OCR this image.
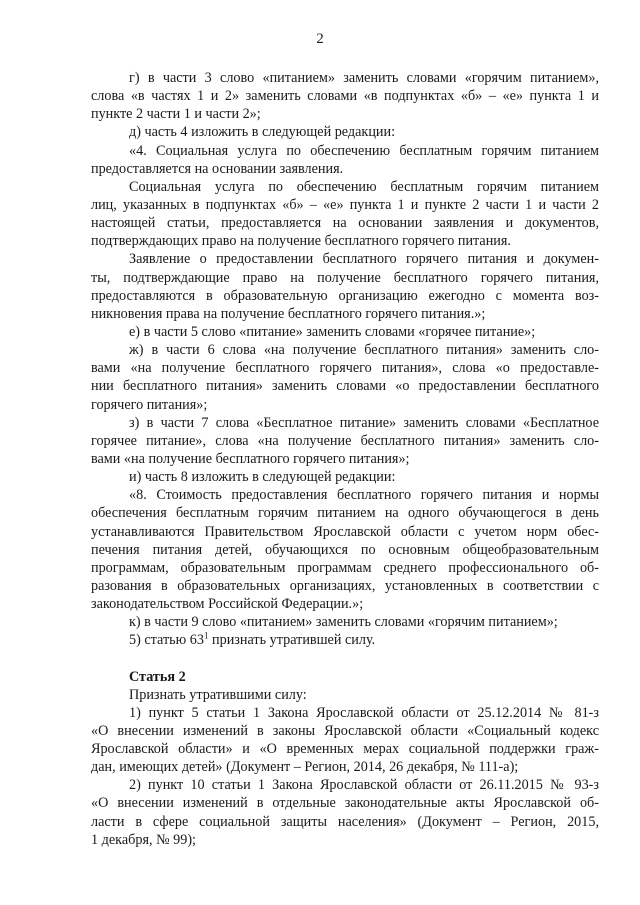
2
г) в части 3 слово «питанием» заменить словами «горячим питанием»,
слова «в частях 1 и 2» заменить словами «в подпунктах «б» – «е» пункта 1 и
пункте 2 части 1 и части 2»;
д) часть 4 изложить в следующей редакции:
«4. Социальная услуга по обеспечению бесплатным горячим питанием
предоставляется на основании заявления.
Социальная услуга по обеспечению бесплатным горячим питанием
лиц, указанных в подпунктах «б» – «е» пункта 1 и пункте 2 части 1 и части 2
настоящей статьи, предоставляется на основании заявления и документов,
подтверждающих право на получение бесплатного горячего питания.
Заявление о предоставлении бесплатного горячего питания и докумен-
ты, подтверждающие право на получение бесплатного горячего питания,
предоставляются в образовательную организацию ежегодно с момента воз-
никновения права на получение бесплатного горячего питания.»;
е) в части 5 слово «питание» заменить словами «горячее питание»;
ж) в части 6 слова «на получение бесплатного питания» заменить сло-
вами «на получение бесплатного горячего питания», слова «о предоставле-
нии бесплатного питания» заменить словами «о предоставлении бесплатного
горячего питания»;
з) в части 7 слова «Бесплатное питание» заменить словами «Бесплатное
горячее питание», слова «на получение бесплатного питания» заменить сло-
вами «на получение бесплатного горячего питания»;
и) часть 8 изложить в следующей редакции:
«8. Стоимость предоставления бесплатного горячего питания и нормы
обеспечения бесплатным горячим питанием на одного обучающегося в день
устанавливаются Правительством Ярославской области с учетом норм обес-
печения питания детей, обучающихся по основным общеобразовательным
программам, образовательным программам среднего профессионального об-
разования в образовательных организациях, установленных в соответствии с
законодательством Российской Федерации.»;
к) в части 9 слово «питанием» заменить словами «горячим питанием»;
5) статью $63^1$ признать утратившей силу.
Статья 2
Признать утратившими силу:
1) пункт 5 статьи 1 Закона Ярославской области от 25.12.2014 № 81-з
«О внесении изменений в законы Ярославской области «Социальный кодекс
Ярославской области» и «О временных мерах социальной поддержки граж-
дан, имеющих детей» (Документ – Регион, 2014, 26 декабря, № 111-а);
2) пункт 10 статьи 1 Закона Ярославской области от 26.11.2015 № 93-з
«О внесении изменений в отдельные законодательные акты Ярославской об-
ласти в сфере социальной защиты населения» (Документ – Регион, 2015,
1 декабря, № 99);
